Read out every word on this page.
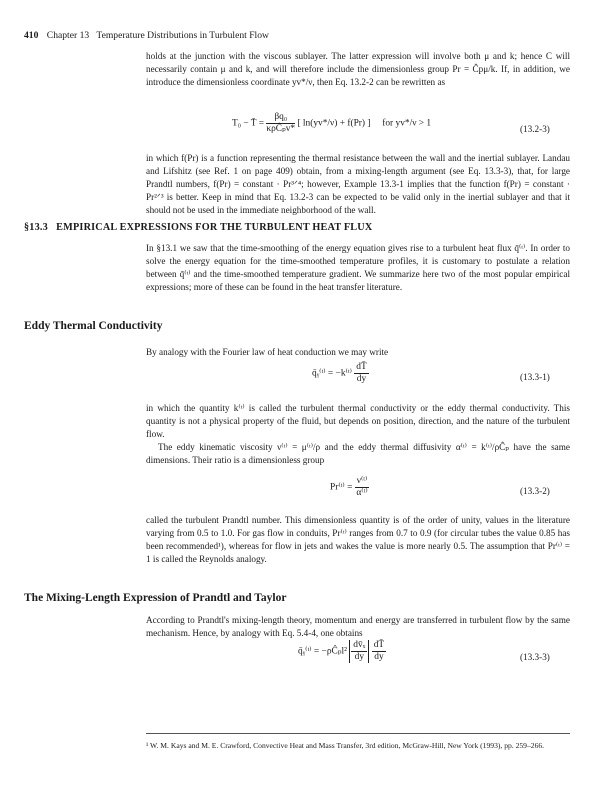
410 Chapter 13 Temperature Distributions in Turbulent Flow
holds at the junction with the viscous sublayer. The latter expression will involve both μ and k; hence C will necessarily contain μ and k, and will therefore include the dimensionless group Pr = Ĉpμ/k. If, in addition, we introduce the dimensionless coordinate yv*/ν, then Eq. 13.2-2 can be rewritten as
T₀ − T̄ = $\frac{\text{βq₀}}{\text{κρĈₚv*}}$ [ ln(yv*/ν) + f(Pr) ] for yv*/ν > 1
(13.2-3)
in which f(Pr) is a function representing the thermal resistance between the wall and the inertial sublayer. Landau and Lifshitz (see Ref. 1 on page 409) obtain, from a mixing-length argument (see Eq. 13.3-3), that, for large Prandtl numbers, f(Pr) = constant · Pr³ᐟ⁴; however, Example 13.3-1 implies that the function f(Pr) = constant · Pr²ᐟ³ is better. Keep in mind that Eq. 13.2-3 can be expected to be valid only in the inertial sublayer and that it should not be used in the immediate neighborhood of the wall.
§13.3 EMPIRICAL EXPRESSIONS FOR THE TURBULENT HEAT FLUX
In §13.1 we saw that the time-smoothing of the energy equation gives rise to a turbulent heat flux q̄⁽ᵗ⁾. In order to solve the energy equation for the time-smoothed temperature profiles, it is customary to postulate a relation between q̄⁽ᵗ⁾ and the time-smoothed temperature gradient. We summarize here two of the most popular empirical expressions; more of these can be found in the heat transfer literature.
Eddy Thermal Conductivity
By analogy with the Fourier law of heat conduction we may write
q̄ᵧ⁽ᵗ⁾ = −k⁽ᵗ⁾ $\frac{dT̄}{dy}$	(13.3-1)
in which the quantity k⁽ᵗ⁾ is called the turbulent thermal conductivity or the eddy thermal conductivity. This quantity is not a physical property of the fluid, but depends on position, direction, and the nature of the turbulent flow.
The eddy kinematic viscosity ν⁽ᵗ⁾ = μ⁽ᵗ⁾/ρ and the eddy thermal diffusivity α⁽ᵗ⁾ = k⁽ᵗ⁾/ρĈₚ have the same dimensions. Their ratio is a dimensionless group
Pr⁽ᵗ⁾ = $\frac{\text{ν⁽ᵗ⁾}}{\text{α⁽ᵗ⁾}}$	(13.3-2)
called the turbulent Prandtl number. This dimensionless quantity is of the order of unity, values in the literature varying from 0.5 to 1.0. For gas flow in conduits, Pr⁽ᵗ⁾ ranges from 0.7 to 0.9 (for circular tubes the value 0.85 has been recommended¹), whereas for flow in jets and wakes the value is more nearly 0.5. The assumption that Pr⁽ᵗ⁾ = 1 is called the Reynolds analogy.
The Mixing-Length Expression of Prandtl and Taylor
According to Prandtl's mixing-length theory, momentum and energy are transferred in turbulent flow by the same mechanism. Hence, by analogy with Eq. 5.4-4, one obtains
q̄ᵧ⁽ᵗ⁾ = −ρĈₚl² $\frac{\text{dv̄ₓ}}{dy}$
$\frac{dT̄}{dy}$	(13.3-3)
¹ W. M. Kays and M. E. Crawford, Convective Heat and Mass Transfer, 3rd edition, McGraw-Hill, New York (1993), pp. 259–266.
